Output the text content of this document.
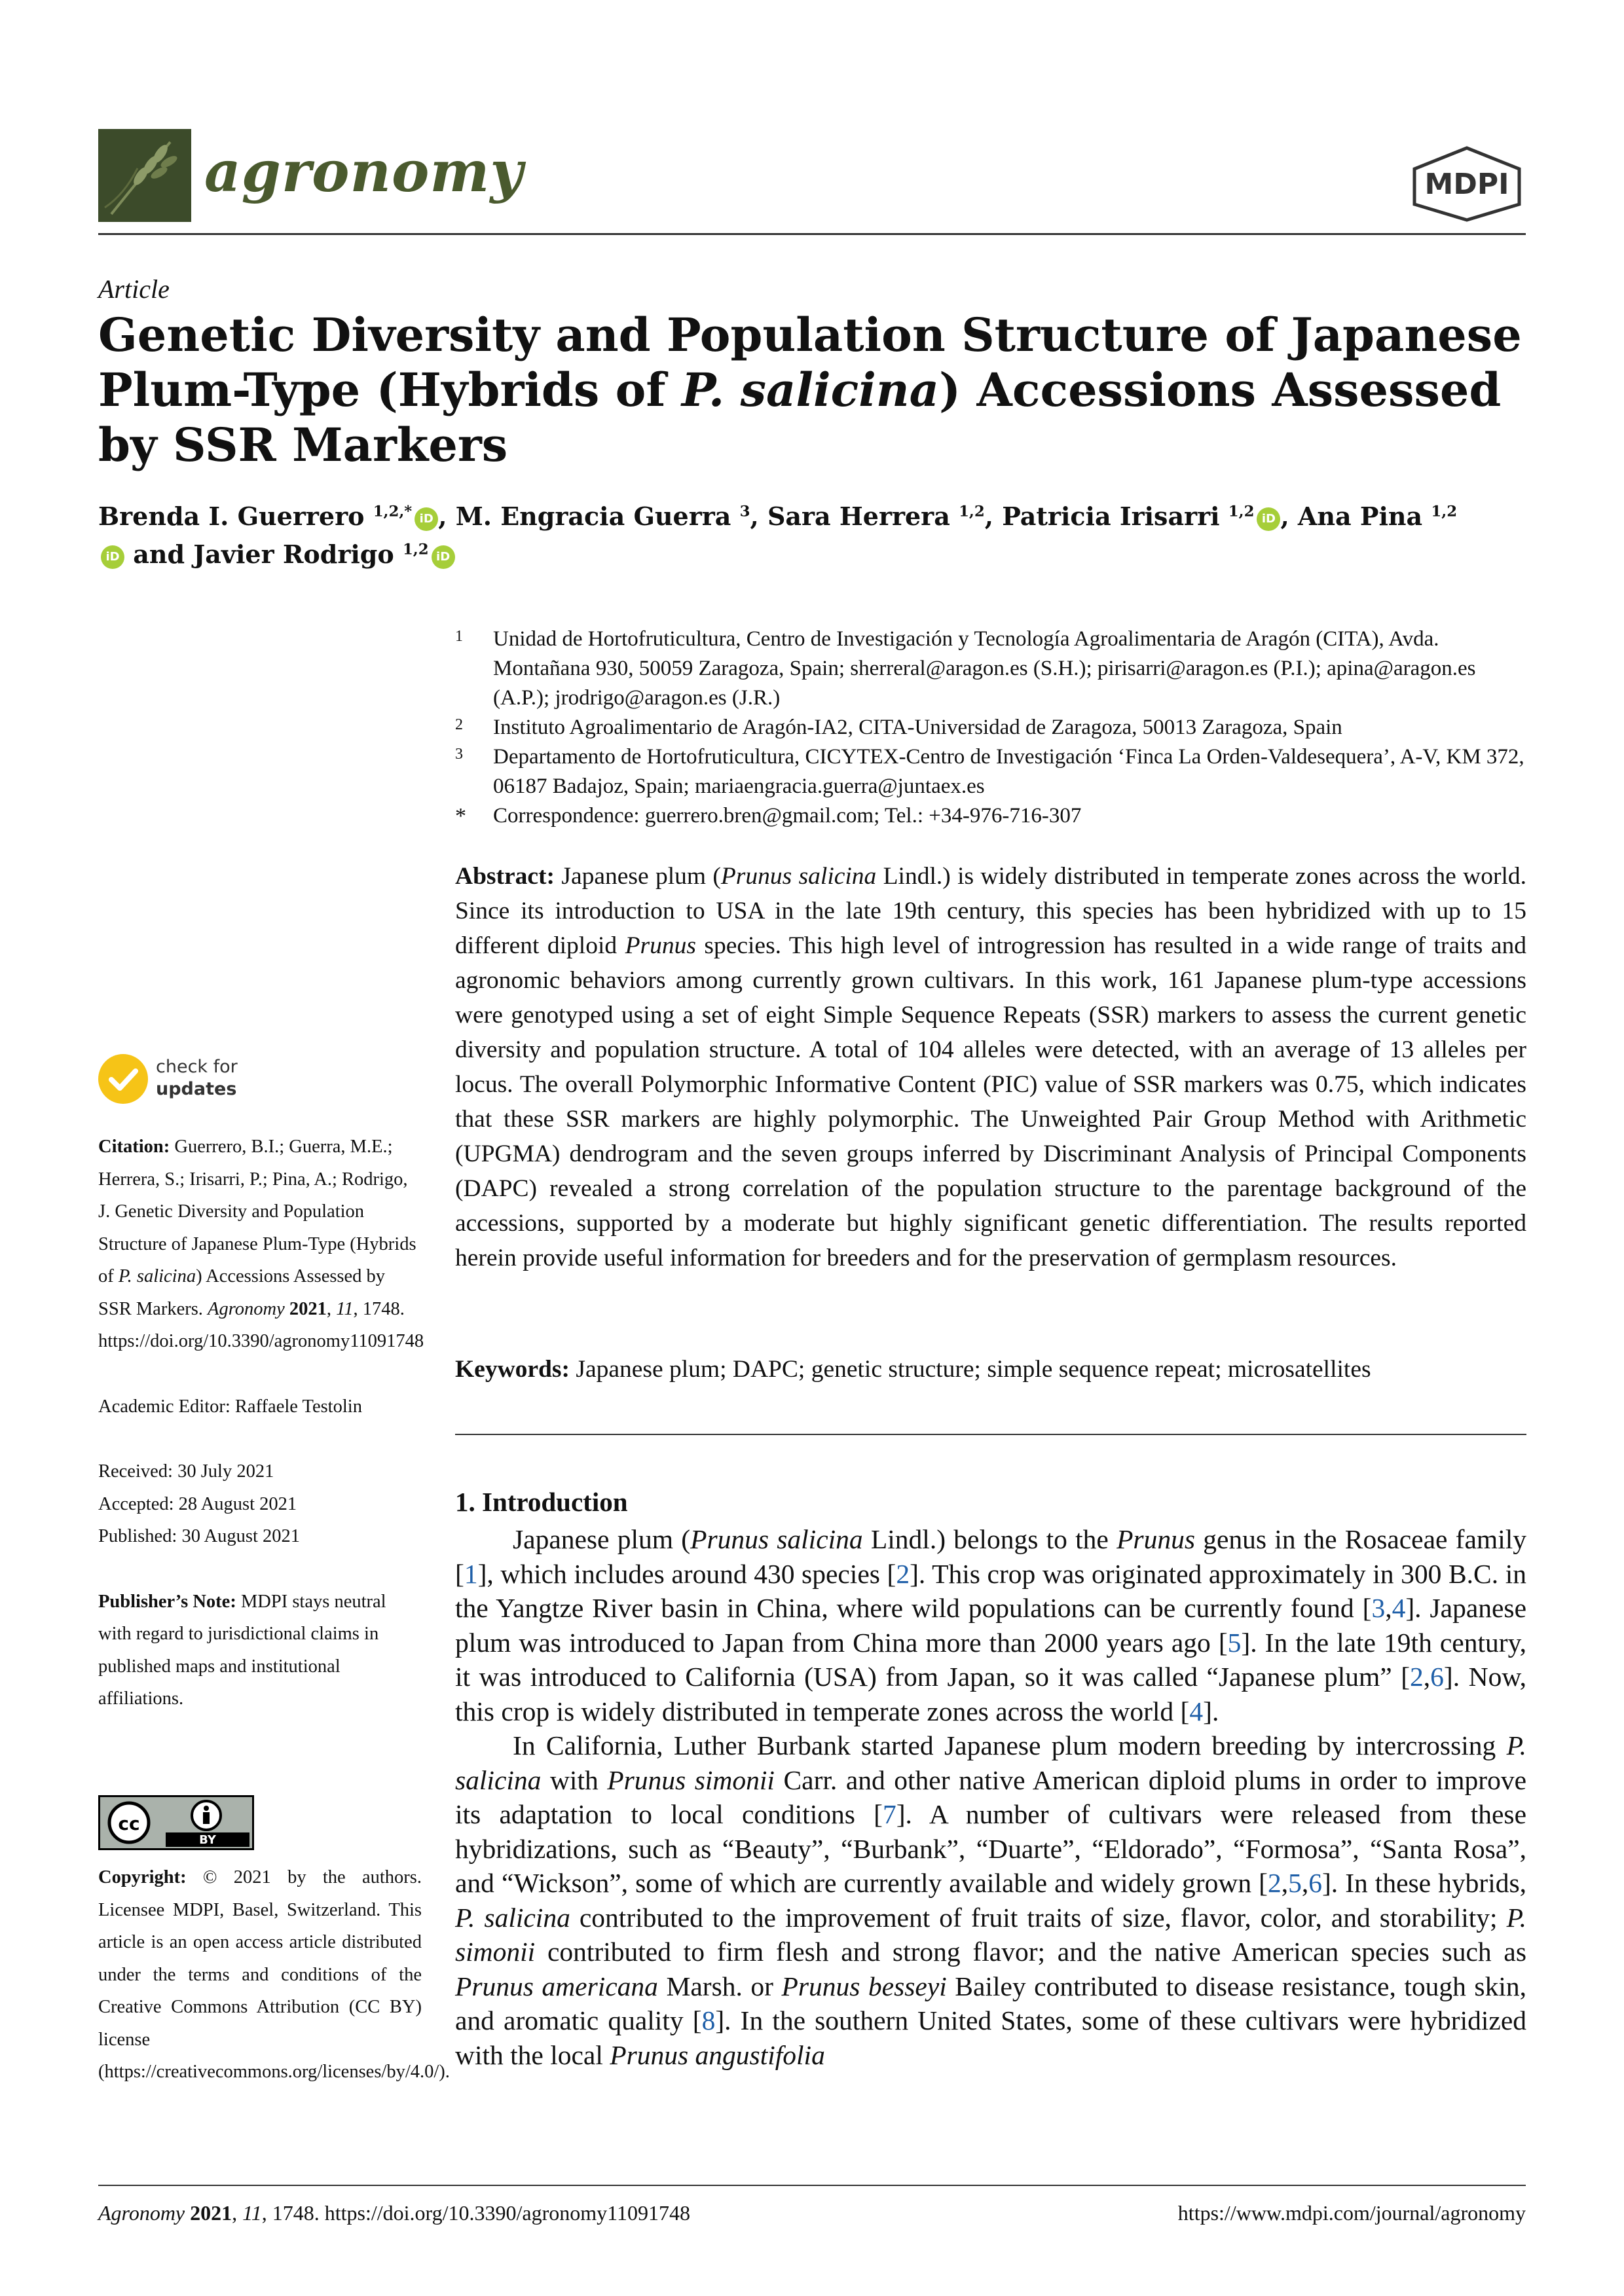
agronomy	MDPI
Article
Genetic Diversity and Population Structure of Japanese Plum-Type (Hybrids of P. salicina) Accessions Assessed by SSR Markers
Brenda I. Guerrero $^{1,2,*}$ iD , M. Engracia Guerra $^3$, Sara Herrera $^{1,2}$, Patricia Irisarri $^{1,2}$ iD , Ana Pina $^{1,2}$iD and Javier Rodrigo $^{1,2}$ iD
1 Unidad de Hortofruticultura, Centro de Investigación y Tecnología Agroalimentaria de Aragón (CITA), Avda. Montañana 930, 50059 Zaragoza, Spain; sherreral@aragon.es (S.H.); pirisarri@aragon.es (P.I.); apina@aragon.es (A.P.); jrodrigo@aragon.es (J.R.)
2 Instituto Agroalimentario de Aragón-IA2, CITA-Universidad de Zaragoza, 50013 Zaragoza, Spain
3 Departamento de Hortofruticultura, CICYTEX-Centro de Investigación ‘Finca La Orden-Valdesequera’, A-V, KM 372, 06187 Badajoz, Spain; mariaengracia.guerra@juntaex.es
* Correspondence: guerrero.bren@gmail.com; Tel.: +34-976-716-307
Abstract: Japanese plum (Prunus salicina Lindl.) is widely distributed in temperate zones across the world. Since its introduction to USA in the late 19th century, this species has been hybridized with up to 15 different diploid Prunus species. This high level of introgression has resulted in a wide range of traits and agronomic behaviors among currently grown cultivars. In this work, 161 Japanese plum-type accessions were genotyped using a set of eight Simple Sequence Repeats (SSR) markers to assess the current genetic diversity and population structure. A total of 104 alleles were detected, with an average of 13 alleles per locus. The overall Polymorphic Informative Content (PIC) value of SSR markers was 0.75, which indicates that these SSR markers are highly polymorphic. The Unweighted Pair Group Method with Arithmetic (UPGMA) dendrogram and the seven groups inferred by Discriminant Analysis of Principal Components (DAPC) revealed a strong correlation of the population structure to the parentage background of the accessions, supported by a moderate but highly significant genetic differentiation. The results reported herein provide useful information for breeders and for the preservation of germplasm resources.
Keywords: Japanese plum; DAPC; genetic structure; simple sequence repeat; microsatellites
1. Introduction

Japanese plum (Prunus salicina Lindl.) belongs to the Prunus genus in the Rosaceae family [1], which includes around 430 species [2]. This crop was originated approximately in 300 B.C. in the Yangtze River basin in China, where wild populations can be currently found [3,4]. Japanese plum was introduced to Japan from China more than 2000 years ago [5]. In the late 19th century, it was introduced to California (USA) from Japan, so it was called “Japanese plum” [2,6]. Now, this crop is widely distributed in temperate zones across the world [4].

In California, Luther Burbank started Japanese plum modern breeding by intercrossing P. salicina with Prunus simonii Carr. and other native American diploid plums in order to improve its adaptation to local conditions [7]. A number of cultivars were released from these hybridizations, such as “Beauty”, “Burbank”, “Duarte”, “Eldorado”, “Formosa”, “Santa Rosa”, and “Wickson”, some of which are currently available and widely grown [2,5,6]. In these hybrids, P. salicina contributed to the improvement of fruit traits of size, flavor, color, and storability; P. simonii contributed to firm flesh and strong flavor; and the native American species such as Prunus americana Marsh. or Prunus besseyi Bailey contributed to disease resistance, tough skin, and aromatic quality [8]. In the southern United States, some of these cultivars were hybridized with the local Prunus angustifolia

check for
updates
Citation: Guerrero, B.I.; Guerra, M.E.; Herrera, S.; Irisarri, P.; Pina, A.; Rodrigo, J. Genetic Diversity and Population Structure of Japanese Plum-Type (Hybrids of P. salicina) Accessions Assessed by SSR Markers. Agronomy 2021, 11, 1748. https://doi.org/10.3390/agronomy11091748
Academic Editor: Raffaele Testolin
Received: 30 July 2021
Accepted: 28 August 2021
Published: 30 August 2021
Publisher’s Note: MDPI stays neutral with regard to jurisdictional claims in published maps and institutional affiliations.
cc
BY
Copyright: © 2021 by the authors. Licensee MDPI, Basel, Switzerland. This article is an open access article distributed under the terms and conditions of the Creative Commons Attribution (CC BY) license (https://creativecommons.org/licenses/by/4.0/).
Agronomy 2021, 11, 1748. https://doi.org/10.3390/agronomy11091748	https://www.mdpi.com/journal/agronomy
